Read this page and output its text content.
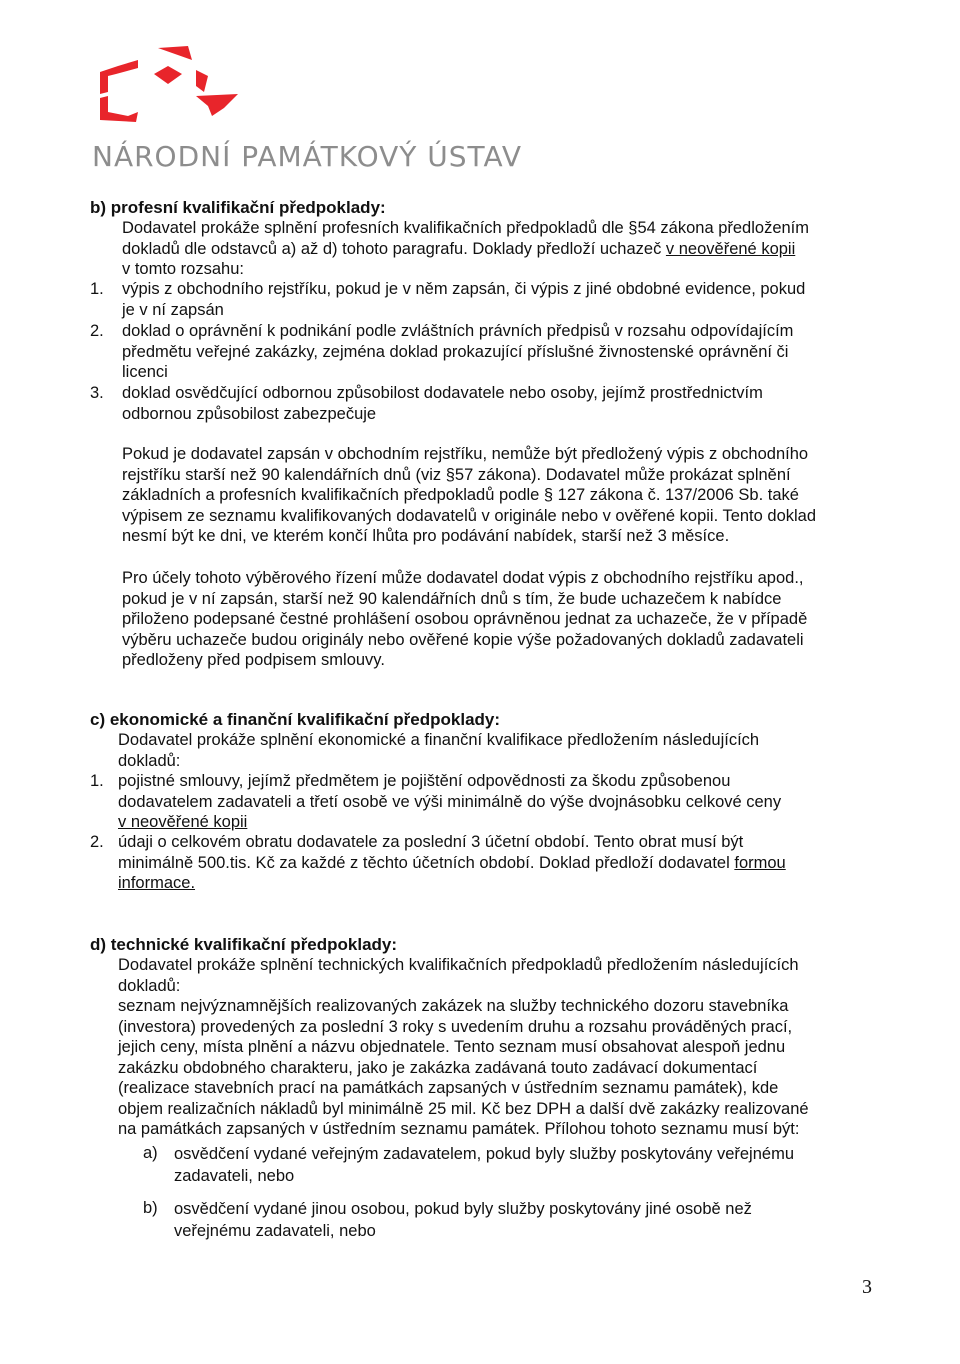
NÁRODNÍ PAMÁTKOVÝ ÚSTAV
b) profesní kvalifikační předpoklady:
Dodavatel prokáže splnění profesních kvalifikačních předpokladů dle §54 zákona předložením
dokladů dle odstavců a) až d) tohoto paragrafu. Doklady předloží uchazeč v neověřené kopii
v tomto rozsahu:
1. výpis z obchodního rejstříku, pokud je v něm zapsán, či výpis z jiné obdobné evidence, pokud
je v ní zapsán
2. doklad o oprávnění k podnikání podle zvláštních právních předpisů v rozsahu odpovídajícím
předmětu veřejné zakázky, zejména doklad prokazující příslušné živnostenské oprávnění či
licenci
3. doklad osvědčující odbornou způsobilost dodavatele nebo osoby, jejímž prostřednictvím
odbornou způsobilost zabezpečuje
Pokud je dodavatel zapsán v obchodním rejstříku, nemůže být předložený výpis z obchodního
rejstříku starší než 90 kalendářních dnů (viz §57 zákona). Dodavatel může prokázat splnění
základních a profesních kvalifikačních předpokladů podle § 127 zákona č. 137/2006 Sb. také
výpisem ze seznamu kvalifikovaných dodavatelů v originále nebo v ověřené kopii. Tento doklad
nesmí být ke dni, ve kterém končí lhůta pro podávání nabídek, starší než 3 měsíce.
Pro účely tohoto výběrového řízení může dodavatel dodat výpis z obchodního rejstříku apod.,
pokud je v ní zapsán, starší než 90 kalendářních dnů s tím, že bude uchazečem k nabídce
přiloženo podepsané čestné prohlášení osobou oprávněnou jednat za uchazeče, že v případě
výběru uchazeče budou originály nebo ověřené kopie výše požadovaných dokladů zadavateli
předloženy před podpisem smlouvy.
c) ekonomické a finanční kvalifikační předpoklady:
Dodavatel prokáže splnění ekonomické a finanční kvalifikace předložením následujících
dokladů:
1. pojistné smlouvy, jejímž předmětem je pojištění odpovědnosti za škodu způsobenou
dodavatelem zadavateli a třetí osobě ve výši minimálně do výše dvojnásobku celkové ceny
v neověřené kopii
2. údaji o celkovém obratu dodavatele za poslední 3 účetní období. Tento obrat musí být
minimálně 500.tis. Kč za každé z těchto účetních období. Doklad předloží dodavatel formou
informace.
d) technické kvalifikační předpoklady:
Dodavatel prokáže splnění technických kvalifikačních předpokladů předložením následujících
dokladů:
seznam nejvýznamnějších realizovaných zakázek na služby technického dozoru stavebníka
(investora) provedených za poslední 3 roky s uvedením druhu a rozsahu prováděných prací,
jejich ceny, místa plnění a názvu objednatele. Tento seznam musí obsahovat alespoň jednu
zakázku obdobného charakteru, jako je zakázka zadávaná touto zadávací dokumentací
(realizace stavebních prací na památkách zapsaných v ústředním seznamu památek), kde
objem realizačních nákladů byl minimálně 25 mil. Kč bez DPH a další dvě zakázky realizované
na památkách zapsaných v ústředním seznamu památek. Přílohou tohoto seznamu musí být:
a) osvědčení vydané veřejným zadavatelem, pokud byly služby poskytovány veřejnému
zadavateli, nebo
b) osvědčení vydané jinou osobou, pokud byly služby poskytovány jiné osobě než
veřejnému zadavateli, nebo
3
